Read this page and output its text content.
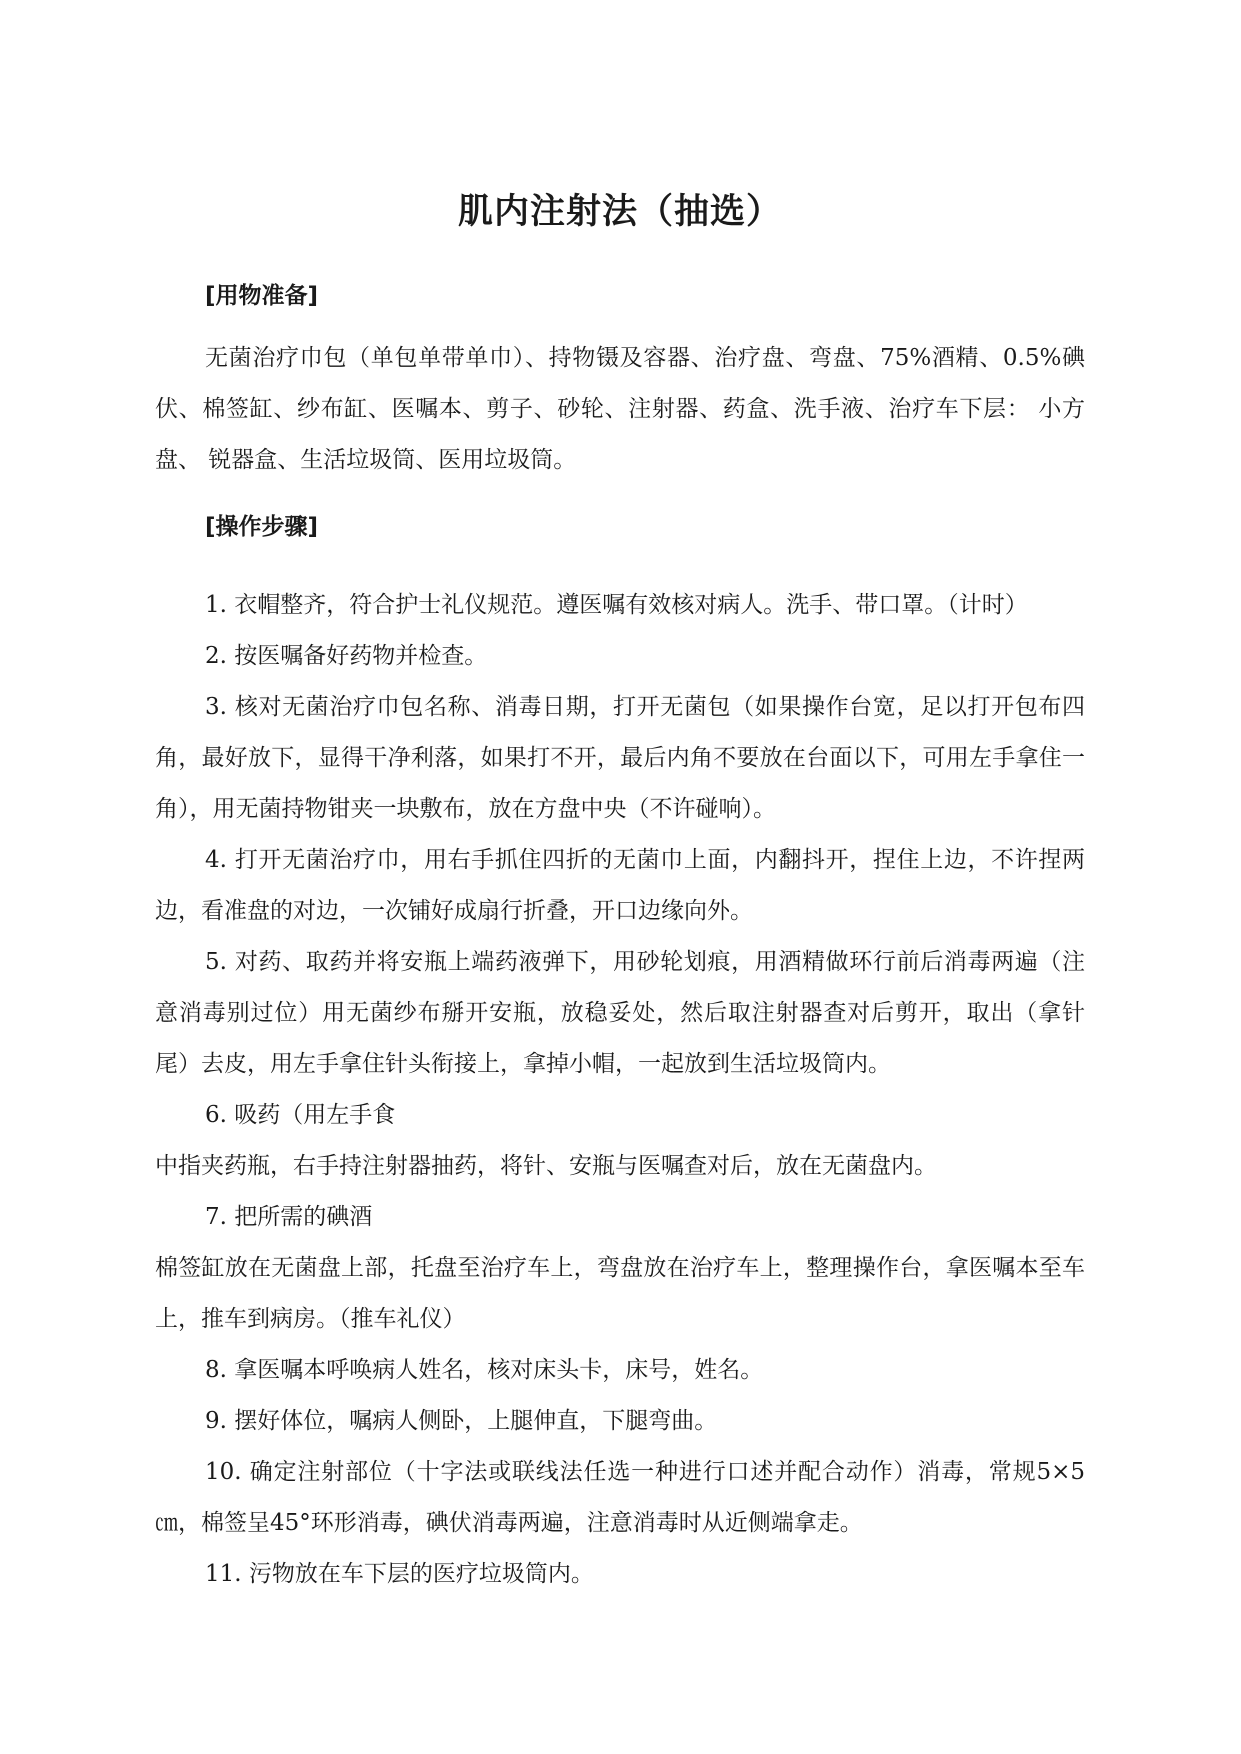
肌内注射法（抽选）
[用物准备]

无菌治疗巾包（单包单带单巾）、持物镊及容器、治疗盘、弯盘、75%酒精、0.5%碘伏、棉签缸、纱布缸、医嘱本、剪子、砂轮、注射器、药盒、洗手液、治疗车下层： 小方盘、 锐器盒、生活垃圾筒、医用垃圾筒。

[操作步骤]

1. 衣帽整齐，符合护士礼仪规范。遵医嘱有效核对病人。洗手、带口罩。（计时）

2. 按医嘱备好药物并检查。

3. 核对无菌治疗巾包名称、消毒日期，打开无菌包（如果操作台宽，足以打开包布四角，最好放下，显得干净利落，如果打不开，最后内角不要放在台面以下，可用左手拿住一角），用无菌持物钳夹一块敷布，放在方盘中央（不许碰响）。

4. 打开无菌治疗巾，用右手抓住四折的无菌巾上面，内翻抖开，捏住上边，不许捏两边，看准盘的对边，一次铺好成扇行折叠，开口边缘向外。

5. 对药、取药并将安瓶上端药液弹下，用砂轮划痕，用酒精做环行前后消毒两遍（注意消毒别过位）用无菌纱布掰开安瓶，放稳妥处，然后取注射器查对后剪开，取出（拿针尾）去皮，用左手拿住针头衔接上，拿掉小帽，一起放到生活垃圾筒内。

6. 吸药（用左手食

中指夹药瓶，右手持注射器抽药，将针、安瓶与医嘱查对后，放在无菌盘内。

7. 把所需的碘酒

棉签缸放在无菌盘上部，托盘至治疗车上，弯盘放在治疗车上，整理操作台，拿医嘱本至车上，推车到病房。（推车礼仪）

8. 拿医嘱本呼唤病人姓名，核对床头卡，床号，姓名。

9. 摆好体位，嘱病人侧卧，上腿伸直，下腿弯曲。

10. 确定注射部位（十字法或联线法任选一种进行口述并配合动作）消毒，常规5×5㎝，棉签呈45°环形消毒，碘伏消毒两遍，注意消毒时从近侧端拿走。

11. 污物放在车下层的医疗垃圾筒内。
